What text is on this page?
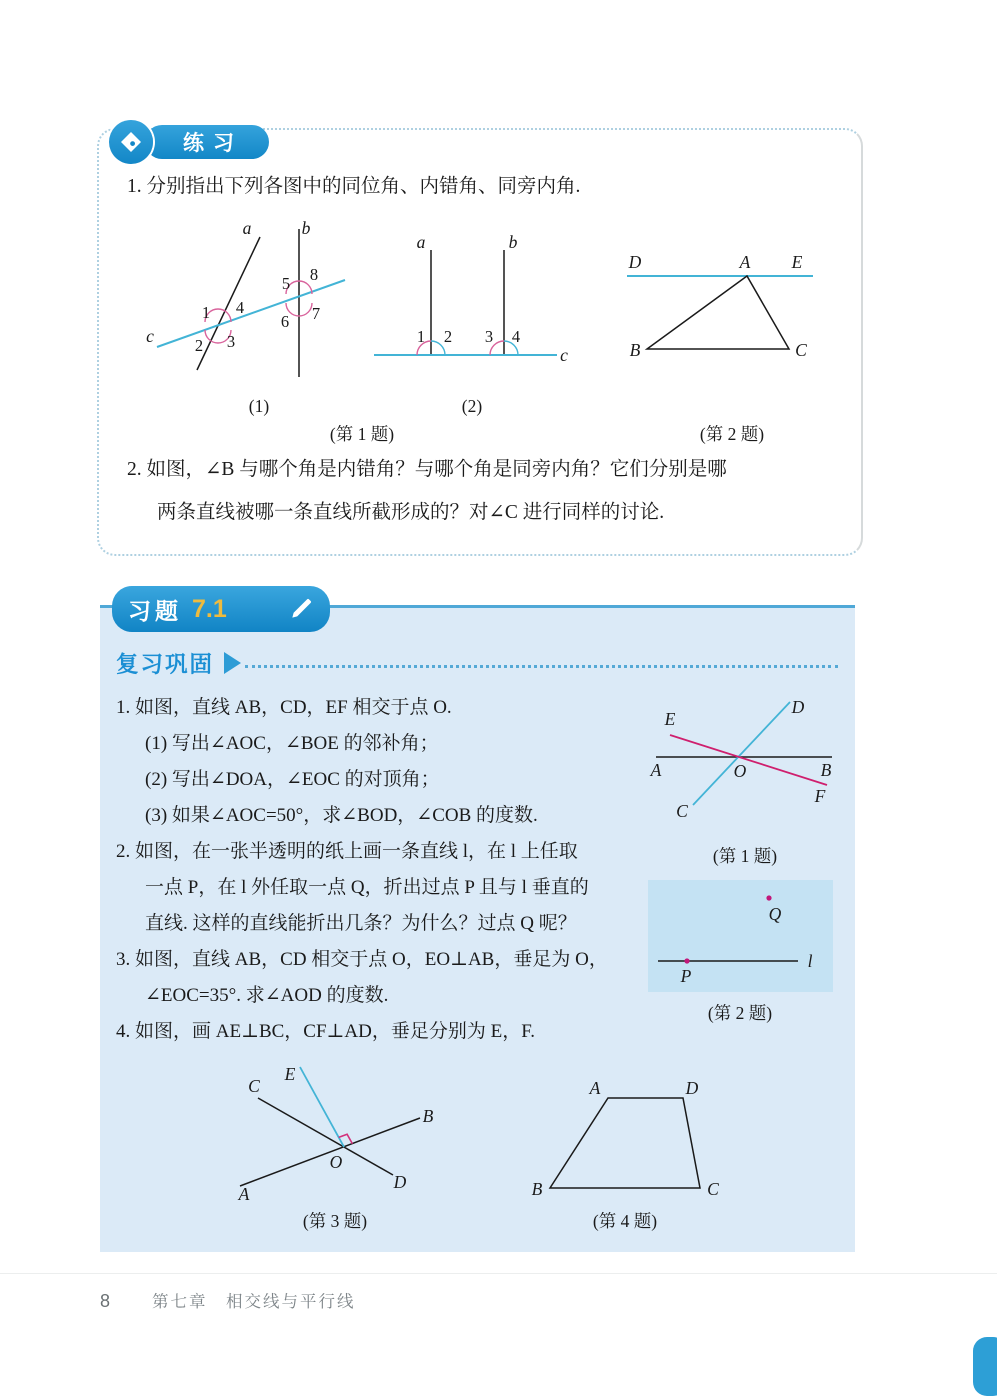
练习

1. 分别指出下列各图中的同位角、内错角、同旁内角.

a	b
c
1 4
2 3
5 8
6 7
a	b
c
1 2 3 4
D	A E
B	C
(1)	(2)
(第 1 题)	(第 2 题)

2. 如图，∠B 与哪个角是内错角？与哪个角是同旁内角？它们分别是哪
两条直线被哪一条直线所截形成的？对∠C 进行同样的讨论.

习题 7.1
复习巩固
1. 如图，直线 AB，CD，EF 相交于点 O.
(1) 写出∠AOC，∠BOE 的邻补角；
(2) 写出∠DOA，∠EOC 的对顶角；
(3) 如果∠AOC=50°，求∠BOD，∠COB 的度数.
2. 如图，在一张半透明的纸上画一条直线 l，在 l 上任取
一点 P，在 l 外任取一点 Q，折出过点 P 且与 l 垂直的
直线. 这样的直线能折出几条？为什么？过点 Q 呢？
3. 如图，直线 AB，CD 相交于点 O，EO⊥AB，垂足为 O，
∠EOC=35°. 求∠AOD 的度数.
4. 如图，画 AE⊥BC，CF⊥AD，垂足分别为 E，F.
E
D
A	B
O
F
C
(第 1 题)
P
Q
l
(第 2 题)
E
C
B
O
D
A
(第 3 题)
A	D
B	C
(第 4 题)
8	第七章　相交线与平行线
